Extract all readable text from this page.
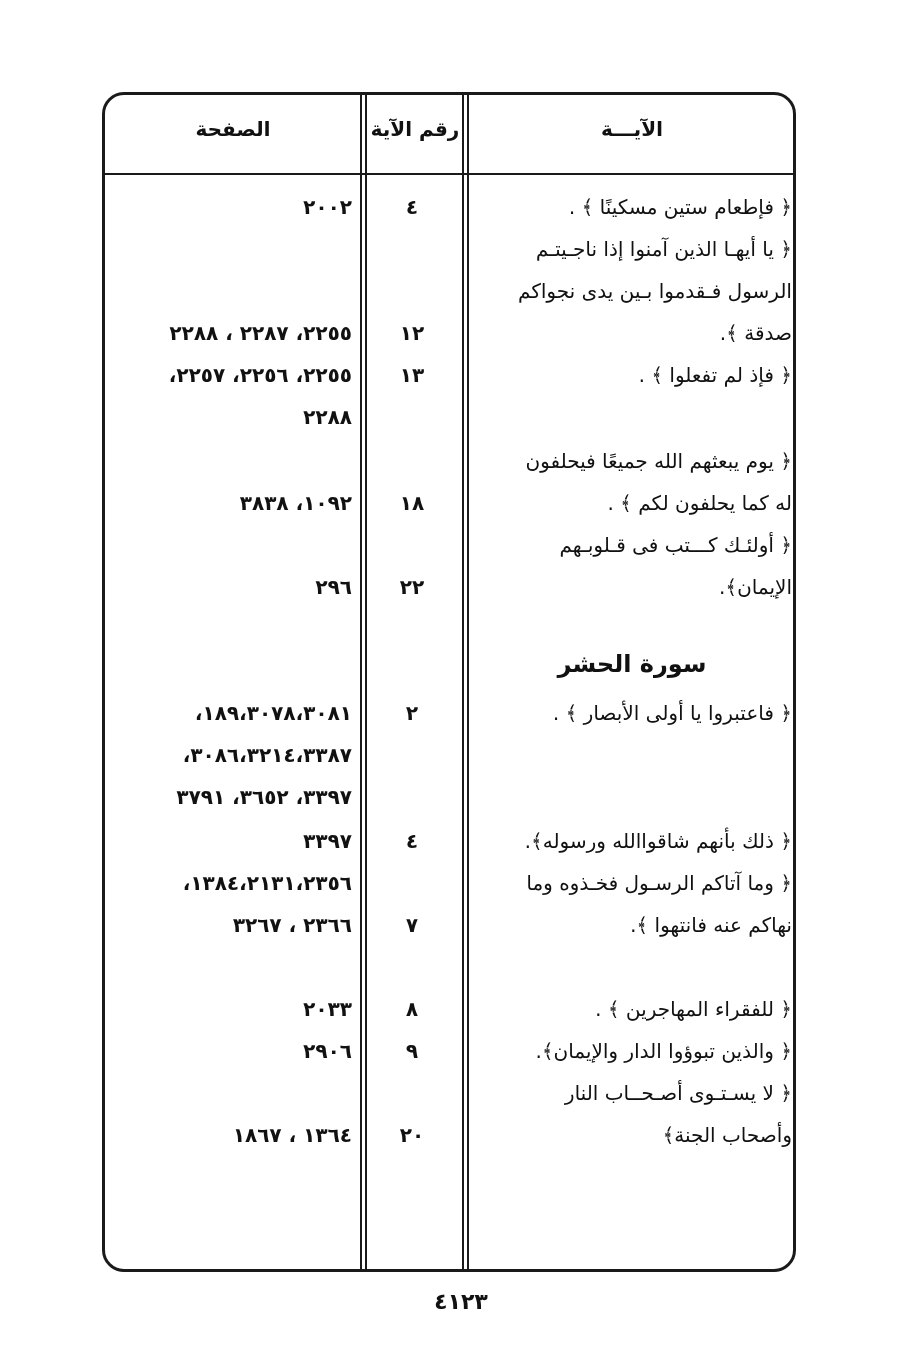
الآيـــة
رقم الآية
الصفحة
﴿ فإطعام ستين مسكينًا ﴾ .
﴿ يا أيهـا الذين آمنوا إذا ناجـيتـم
الرسول فـقدموا بـين يدى نجواكم
صدقة ﴾.
﴿ فإذ لم تفعلوا ﴾ .
﴿ يوم يبعثهم الله جميعًا فيحلفون
له كما يحلفون لكم ﴾ .
﴿ أولئـك كـــتب فى قـلوبـهم
الإيمان﴾.
سورة الحشر
﴿ فاعتبروا يا أولى الأبصار ﴾ .
﴿ ذلك بأنهم شاقواالله ورسوله﴾.
﴿ وما آتاكم الرسـول فخـذوه وما
نهاكم عنه فانتهوا ﴾.
﴿ للفقراء المهاجرين ﴾ .
﴿ والذين تبوؤوا الدار والإيمان﴾.
﴿ لا يسـتـوى أصـحــاب النار
وأصحاب الجنة﴾
٤
١٢
١٣
١٨
٢٢
٢
٤
٧
٨
٩
٢٠
٢٠٠٢
٢٢٥٥، ٢٢٨٧ ، ٢٢٨٨
٢٢٥٥، ٢٢٥٦، ٢٢٥٧،
٢٢٨٨
١٠٩٢، ٣٨٣٨
٢٩٦
١٨٩،٣٠٧٨،٣٠٨١،
٣٠٨٦،٣٢١٤،٣٣٨٧،
٣٣٩٧، ٣٦٥٢، ٣٧٩١
٣٣٩٧
١٣٨٤،٢١٣١،٢٣٥٦،
٢٣٦٦ ، ٣٢٦٧
٢٠٣٣
٢٩٠٦
١٣٦٤ ، ١٨٦٧
٤١٢٣
